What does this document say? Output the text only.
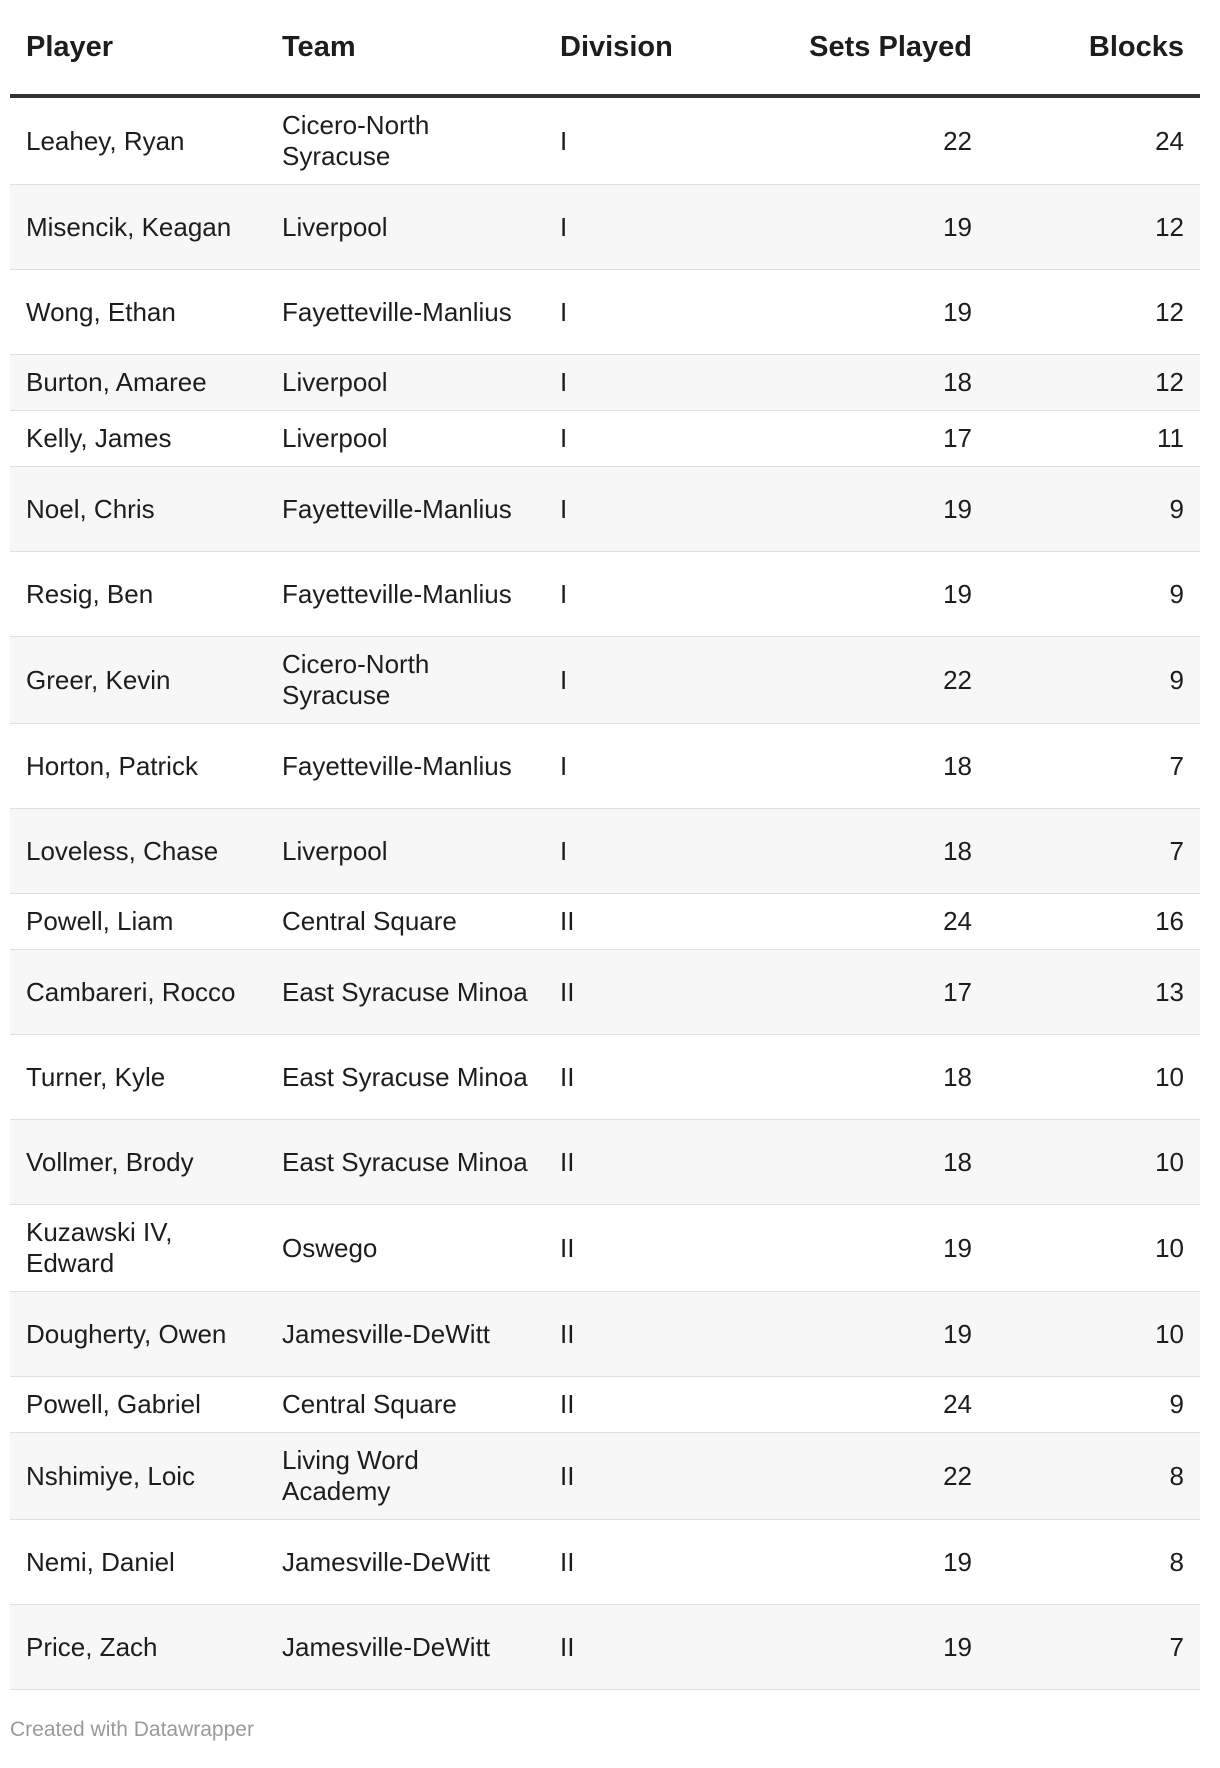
Player	Team	Division	Sets Played	Blocks
Leahey, Ryan	Cicero-North Syracuse	I	22	24
Misencik, Keagan	Liverpool	I	19	12
Wong, Ethan	Fayetteville-Manlius	I	19	12
Burton, Amaree	Liverpool	I	18	12
Kelly, James	Liverpool	I	17	11
Noel, Chris	Fayetteville-Manlius	I	19	9
Resig, Ben	Fayetteville-Manlius	I	19	9
Greer, Kevin	Cicero-North Syracuse	I	22	9
Horton, Patrick	Fayetteville-Manlius	I	18	7
Loveless, Chase	Liverpool	I	18	7
Powell, Liam	Central Square	II	24	16
Cambareri, Rocco	East Syracuse Minoa	II	17	13
Turner, Kyle	East Syracuse Minoa	II	18	10
Vollmer, Brody	East Syracuse Minoa	II	18	10
Kuzawski IV, Edward	Oswego	II	19	10
Dougherty, Owen	Jamesville-DeWitt	II	19	10
Powell, Gabriel	Central Square	II	24	9
Nshimiye, Loic	Living Word Academy	II	22	8
Nemi, Daniel	Jamesville-DeWitt	II	19	8
Price, Zach	Jamesville-DeWitt	II	19	7
Created with Datawrapper
